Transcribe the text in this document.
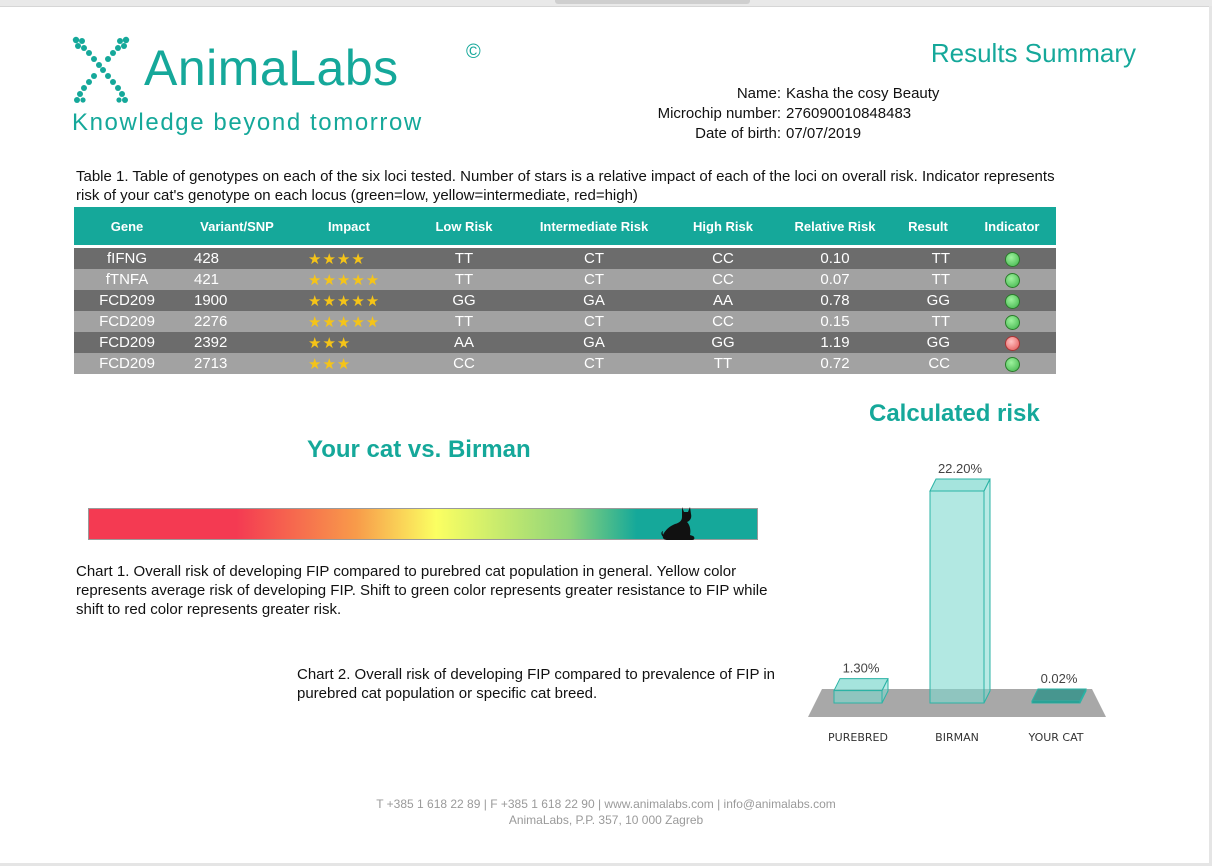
AnimaLabs	©
Knowledge beyond tomorrow
Results Summary
Name: Kasha the cosy Beauty
Microchip number: 276090010848483
Date of birth: 07/07/2019
Table 1. Table of genotypes on each of the six loci tested. Number of stars is a relative impact of each of the loci on overall risk. Indicator represents risk of your cat's genotype on each locus (green=low, yellow=intermediate, red=high)
Gene	Variant/SNP	Impact	Low Risk	Intermediate Risk	High Risk	Relative Risk	Result	Indicator
fIFNG	428	★★★★	TT	CT	CC	0.10	TT	
fTNFA	421	★★★★★	TT	CT	CC	0.07	TT	
FCD209	1900	★★★★★	GG	GA	AA	0.78	GG	
FCD209	2276	★★★★★	TT	CT	CC	0.15	TT	
FCD209	2392	★★★	AA	GA	GG	1.19	GG	
FCD209	2713	★★★	CC	CT	TT	0.72	CC	
Your cat vs. Birman
Chart 1. Overall risk of developing FIP compared to purebred cat population in general. Yellow color represents average risk of developing FIP. Shift to green color represents greater resistance to FIP while shift to red color represents greater risk.
Calculated risk
1.30%
PUREBRED
22.20%
BIRMAN
0.02%
YOUR CAT
Chart 2. Overall risk of developing FIP compared to prevalence of FIP in purebred cat population or specific cat breed.
T +385 1 618 22 89 | F +385 1 618 22 90 | www.animalabs.com | info@animalabs.com
AnimaLabs, P.P. 357, 10 000 Zagreb
